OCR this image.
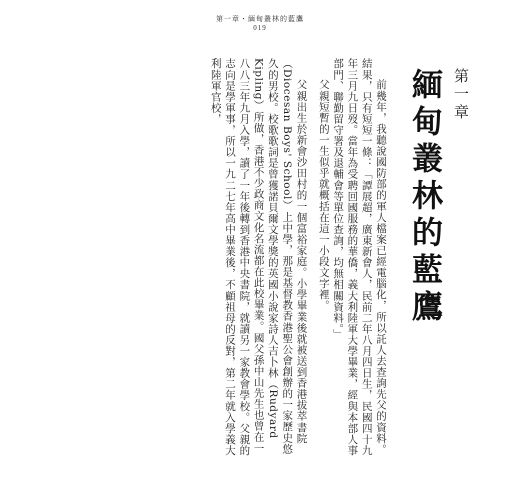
第一章・緬甸叢林的藍鷹
019
第一章
緬甸叢林的藍鷹

前幾年，我聽說國防部的軍人檔案已經電腦化，所以託人去查詢先父的資料。結果，只有短短一條：「譚展超，廣東新會人，民前二年八月四日生，民國四十九年三月九日歿。當年為受聘回國服務的華僑，義大利陸軍大學畢業，經與本部人事部門、聯勤留守署及退輔會等單位查詢，均無相關資料。」

父親短暫的一生似乎就概括在這一小段文字裡。

父親出生於新會沙田村的一個富裕家庭。小學畢業後就被送到香港拔萃書院（Diocesan Boys' School）上中學，那是基督教香港聖公會創辦的一家歷史悠久的男校。校歌歌詞是曾獲諾貝爾文學獎的英國小說家詩人吉卜林（Rudyard Kipling）所做，香港不少政商文化名流都在此校畢業。國父孫中山先生也曾在一八八三年九月入學，讀了一年後轉到香港中央書院，就讀另一家教會學校。父親的志向是學軍事，所以一九二七年高中畢業後，不顧祖母的反對，第二年就入學義大利陸軍官校，
